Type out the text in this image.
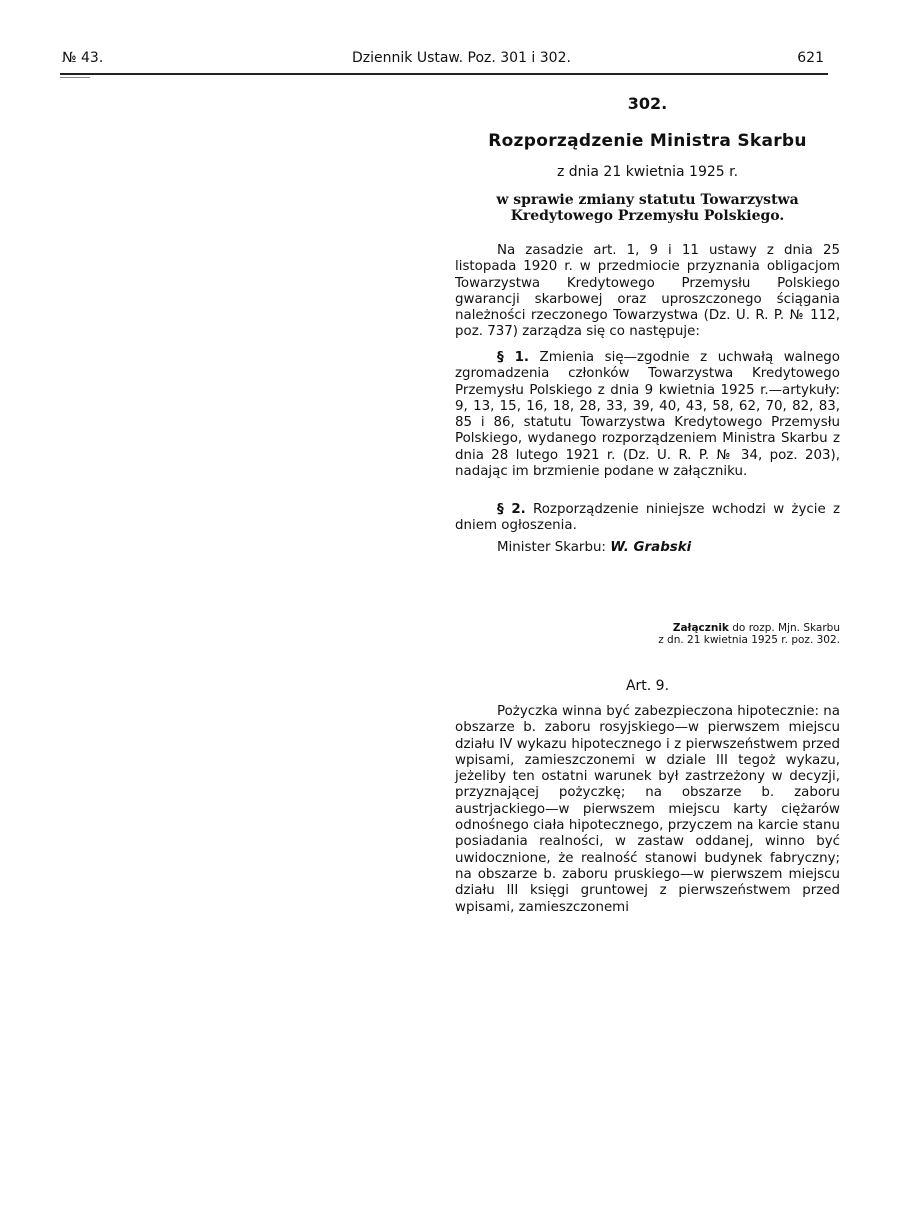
№ 43.	Dziennik Ustaw. Poz. 301 i 302.	621
302.
Rozporządzenie Ministra Skarbu
z dnia 21 kwietnia 1925 r.
w sprawie zmiany statutu Towarzystwa Kredytowego Przemysłu Polskiego.

Na zasadzie art. 1, 9 i 11 ustawy z dnia 25 listopada 1920 r. w przedmiocie przyznania obligacjom Towarzystwa Kredytowego Przemysłu Polskiego gwarancji skarbowej oraz uproszczonego ściągania należności rzeczonego Towarzystwa (Dz. U. R. P. № 112, poz. 737) zarządza się co następuje:

§ 1. Zmienia się—zgodnie z uchwałą walnego zgromadzenia członków Towarzystwa Kredytowego Przemysłu Polskiego z dnia 9 kwietnia 1925 r.—artykuły: 9, 13, 15, 16, 18, 28, 33, 39, 40, 43, 58, 62, 70, 82, 83, 85 i 86, statutu Towarzystwa Kredytowego Przemysłu Polskiego, wydanego rozporządzeniem Ministra Skarbu z dnia 28 lutego 1921 r. (Dz. U. R. P. № 34, poz. 203), nadając im brzmienie podane w załączniku.

§ 2. Rozporządzenie niniejsze wchodzi w życie z dniem ogłoszenia.

Minister Skarbu: W. Grabski
Załącznik do rozp. Mjn. Skarbu
z dn. 21 kwietnia 1925 r. poz. 302.
Art. 9.

Pożyczka winna być zabezpieczona hipotecznie: na obszarze b. zaboru rosyjskiego—w pierwszem miejscu działu IV wykazu hipotecznego i z pierwszeństwem przed wpisami, zamieszczonemi w dziale III tegoż wykazu, jeżeliby ten ostatni warunek był zastrzeżony w decyzji, przyznającej pożyczkę; na obszarze b. zaboru austrjackiego—w pierwszem miejscu karty ciężarów odnośnego ciała hipotecznego, przyczem na karcie stanu posiadania realności, w zastaw oddanej, winno być uwidocznione, że realność stanowi budynek fabryczny; na obszarze b. zaboru pruskiego—w pierwszem miejscu działu III księgi gruntowej z pierwszeństwem przed wpisami, zamieszczonemi
